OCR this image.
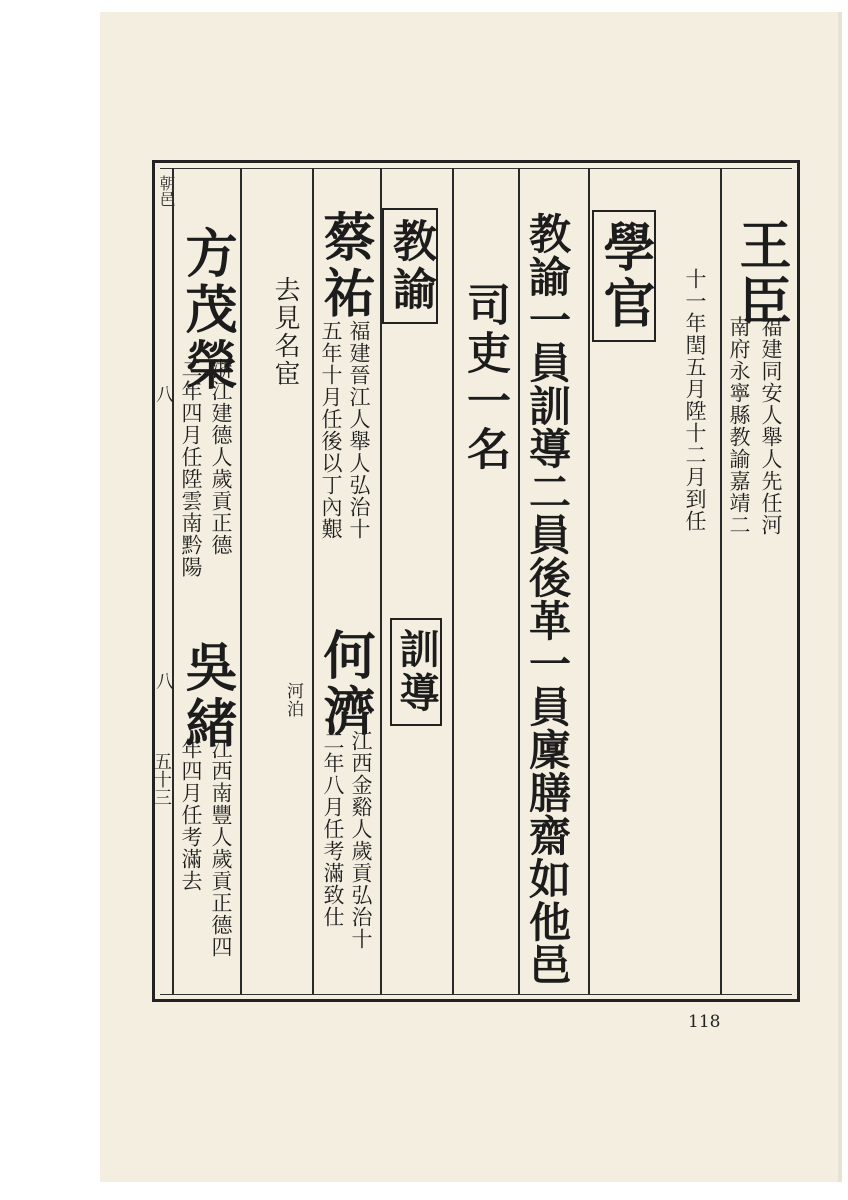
朝邑
八
八
五十三
王臣
福建同安人舉人先任河
南府永寧縣教諭嘉靖二
十一年閏五月陞十二月到任
學官
教諭一員訓導二員後革一員廩膳齋如他邑
司吏一名
教諭
訓導
蔡祐
福建晉江人舉人弘治十
五年十月任後以丁內艱
何濟
江西金谿人歲貢弘治十
二年八月任考滿致仕
去見名宦
河泊
方茂榮
浙江建德人歲貢正德
二年四月任陞雲南黔陽
吳緒
江西南豐人歲貢正德四
年四月任考滿去
118
